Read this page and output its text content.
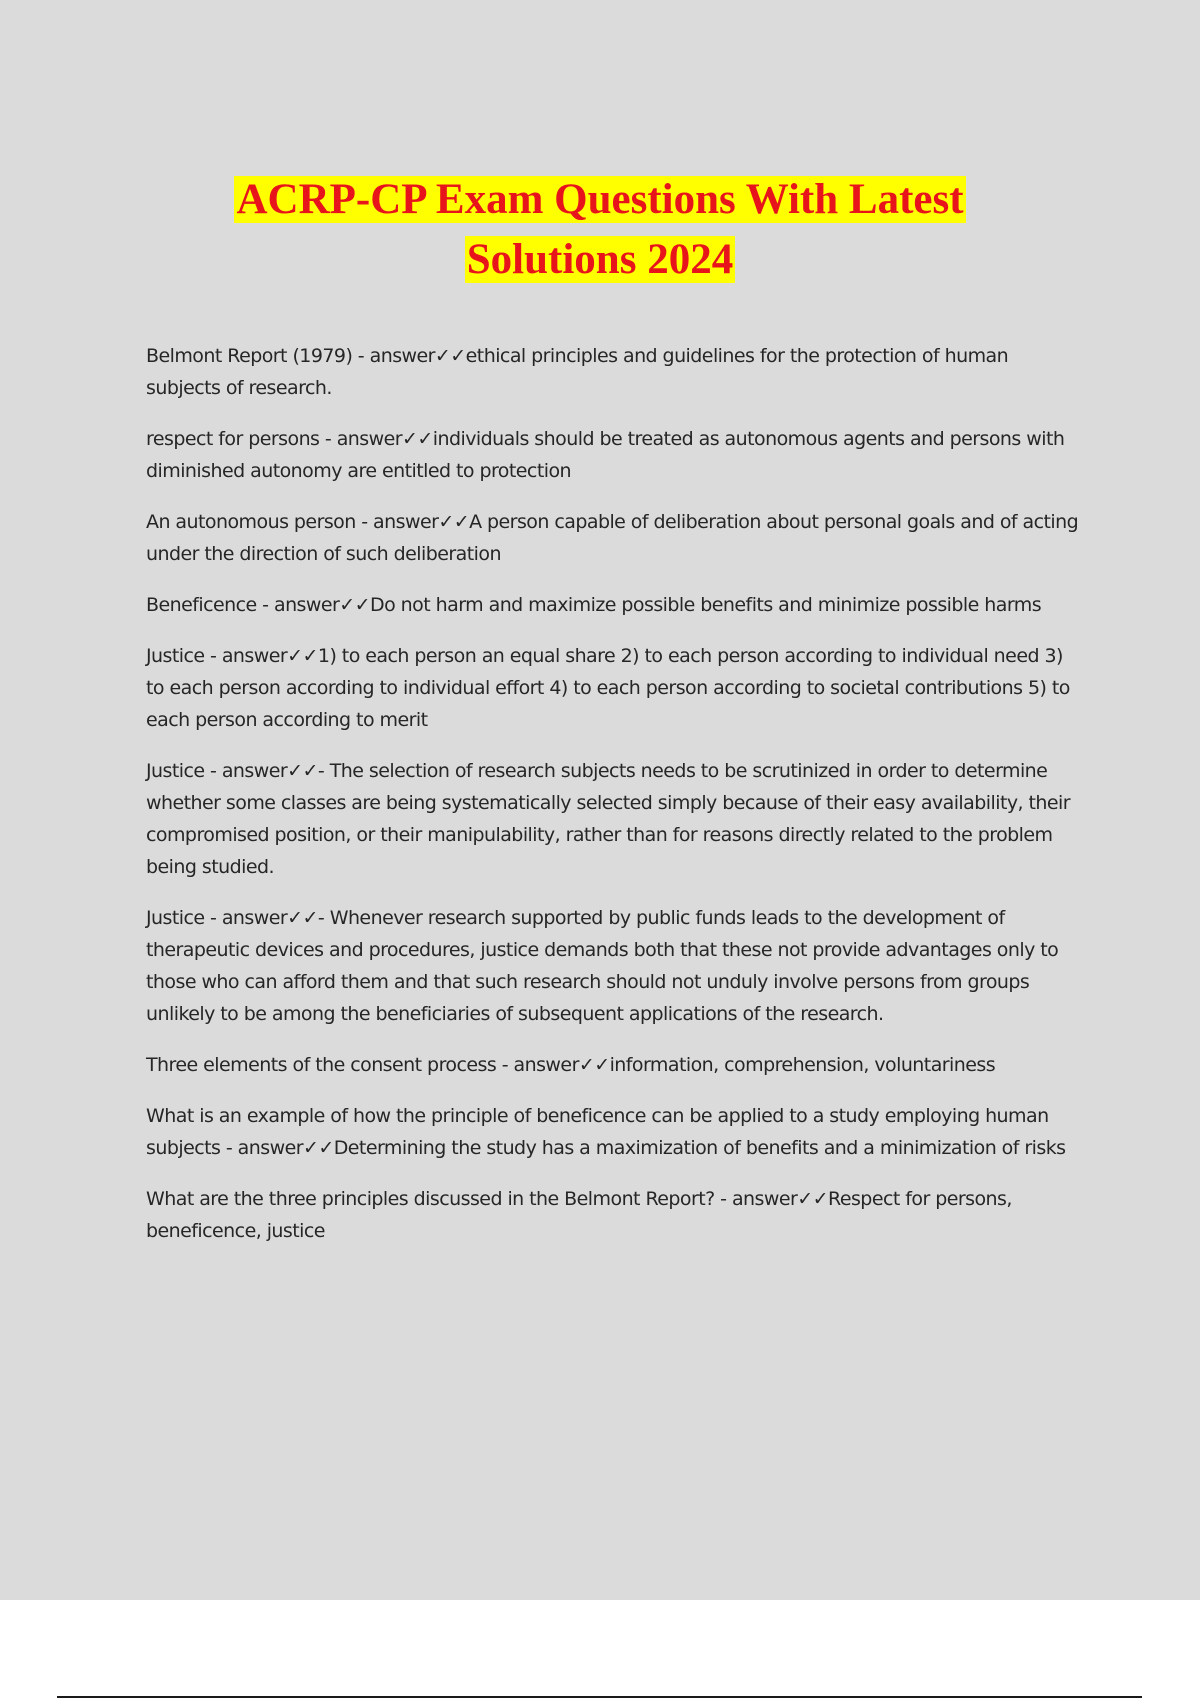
ACRP-CP Exam Questions With Latest
Solutions 2024

Belmont Report (1979) - answer✓✓ethical principles and guidelines for the protection of human subjects of research.

respect for persons - answer✓✓individuals should be treated as autonomous agents and persons with diminished autonomy are entitled to protection

An autonomous person - answer✓✓A person capable of deliberation about personal goals and of acting under the direction of such deliberation

Beneficence - answer✓✓Do not harm and maximize possible benefits and minimize possible harms

Justice - answer✓✓1) to each person an equal share 2) to each person according to individual need 3) to each person according to individual effort 4) to each person according to societal contributions 5) to each person according to merit

Justice - answer✓✓- The selection of research subjects needs to be scrutinized in order to determine whether some classes are being systematically selected simply because of their easy availability, their compromised position, or their manipulability, rather than for reasons directly related to the problem being studied.

Justice - answer✓✓- Whenever research supported by public funds leads to the development of therapeutic devices and procedures, justice demands both that these not provide advantages only to those who can afford them and that such research should not unduly involve persons from groups unlikely to be among the beneficiaries of subsequent applications of the research.

Three elements of the consent process - answer✓✓information, comprehension, voluntariness

What is an example of how the principle of beneficence can be applied to a study employing human subjects - answer✓✓Determining the study has a maximization of benefits and a minimization of risks

What are the three principles discussed in the Belmont Report? - answer✓✓Respect for persons, beneficence, justice
